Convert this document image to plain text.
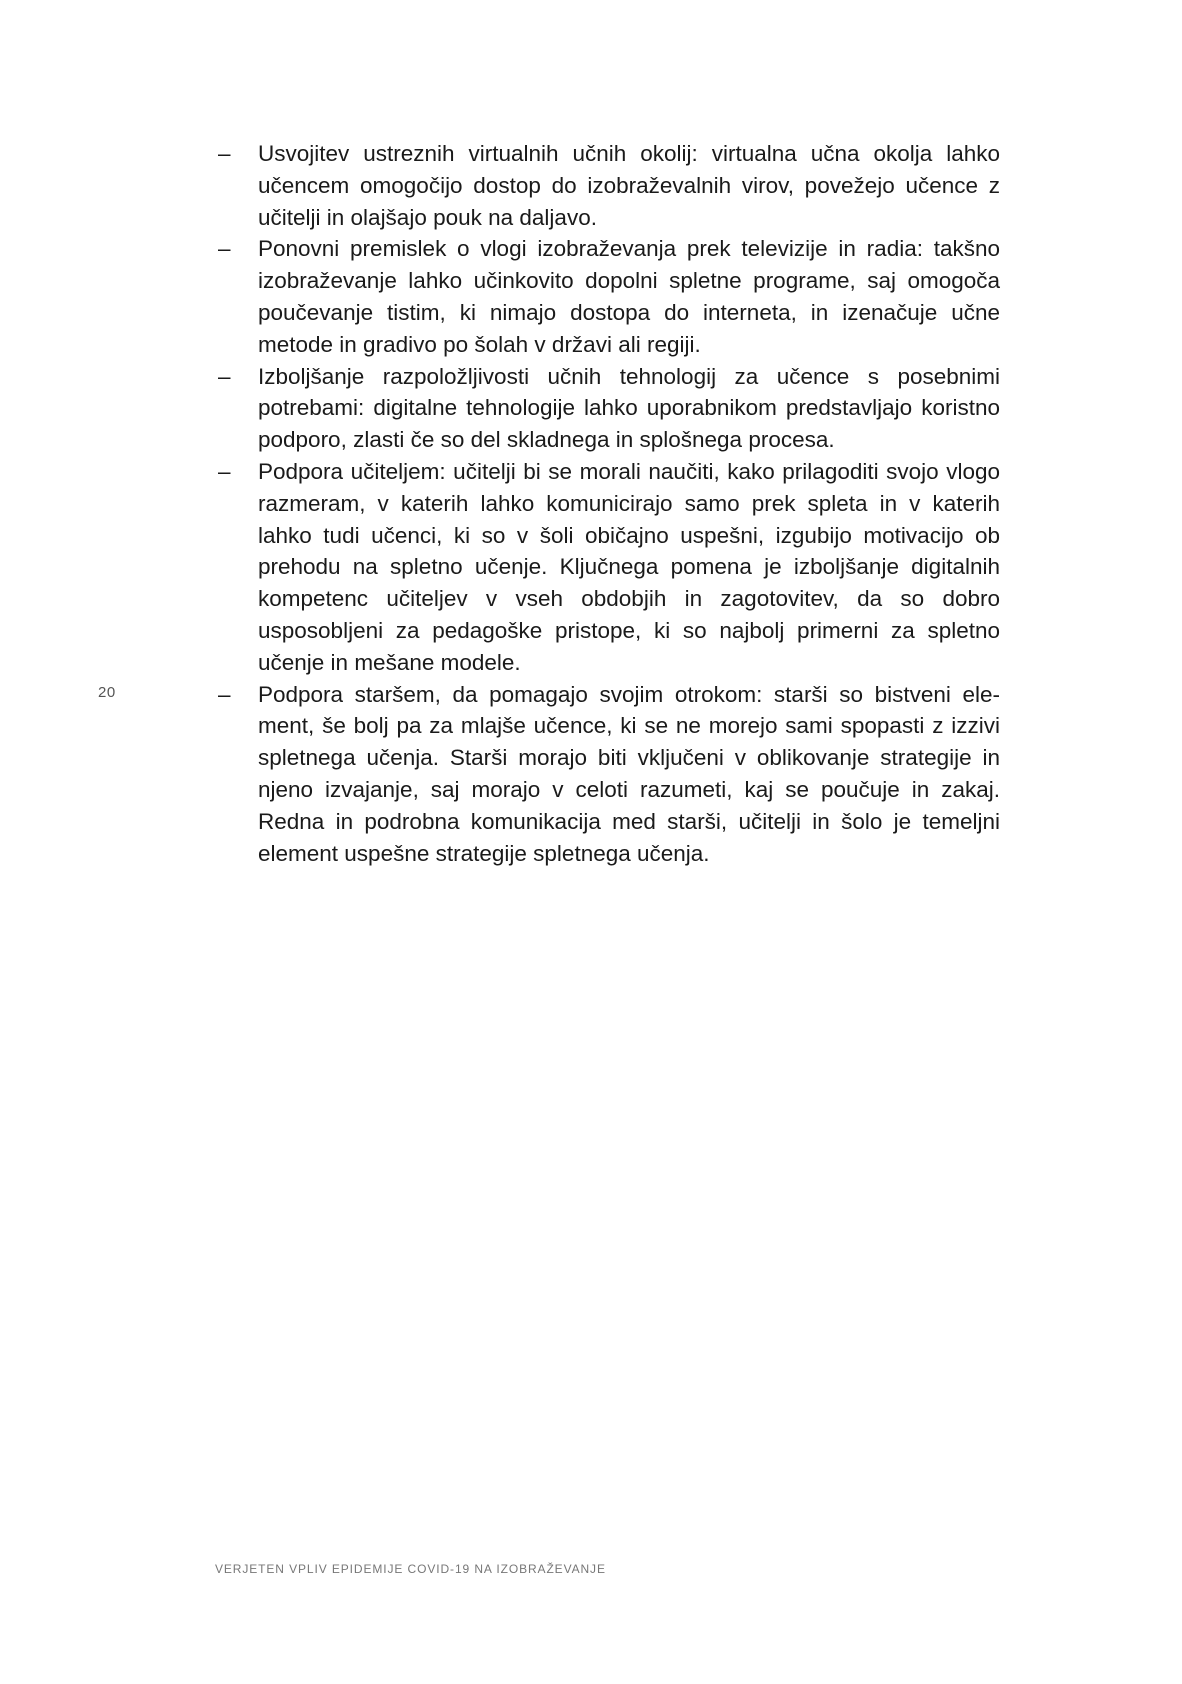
20
–	Usvojitev ustreznih virtualnih učnih okolij: virtualna učna okolja lahko učencem omogočijo dostop do izobraževalnih virov, povežejo učence z učitelji in olajšajo pouk na daljavo.
–	Ponovni premislek o vlogi izobraževanja prek televizije in radia: takšno izobraževanje lahko učinkovito dopolni spletne programe, saj omogoča poučevanje tistim, ki nimajo dostopa do interneta, in izenačuje učne metode in gradivo po šolah v državi ali regiji.
–	Izboljšanje razpoložljivosti učnih tehnologij za učence s posebnimi potrebami: digitalne tehnologije lahko uporabnikom predstavljajo koristno podporo, zlasti če so del skladnega in splošnega procesa.
–	Podpora učiteljem: učitelji bi se morali naučiti, kako prilagoditi svojo vlogo razmeram, v katerih lahko komunicirajo samo prek spleta in v katerih lahko tudi učenci, ki so v šoli običajno uspešni, izgubijo motivacijo ob prehodu na spletno učenje. Ključnega pomena je izboljšanje digitalnih kompetenc učiteljev v vseh obdobjih in zagotovitev, da so dobro usposobljeni za pedagoške pristope, ki so najbolj primerni za spletno učenje in mešane modele.
–	Podpora staršem, da pomagajo svojim otrokom: starši so bistveni element, še bolj pa za mlajše učence, ki se ne morejo sami spopasti z izzivi spletnega učenja. Starši morajo biti vključeni v oblikovanje strategije in njeno izvajanje, saj morajo v celoti razumeti, kaj se poučuje in zakaj. Redna in podrobna komunikacija med starši, učitelji in šolo je temeljni element uspešne strategije spletnega učenja.
VERJETEN VPLIV EPIDEMIJE COVID-19 NA IZOBRAŽEVANJE
